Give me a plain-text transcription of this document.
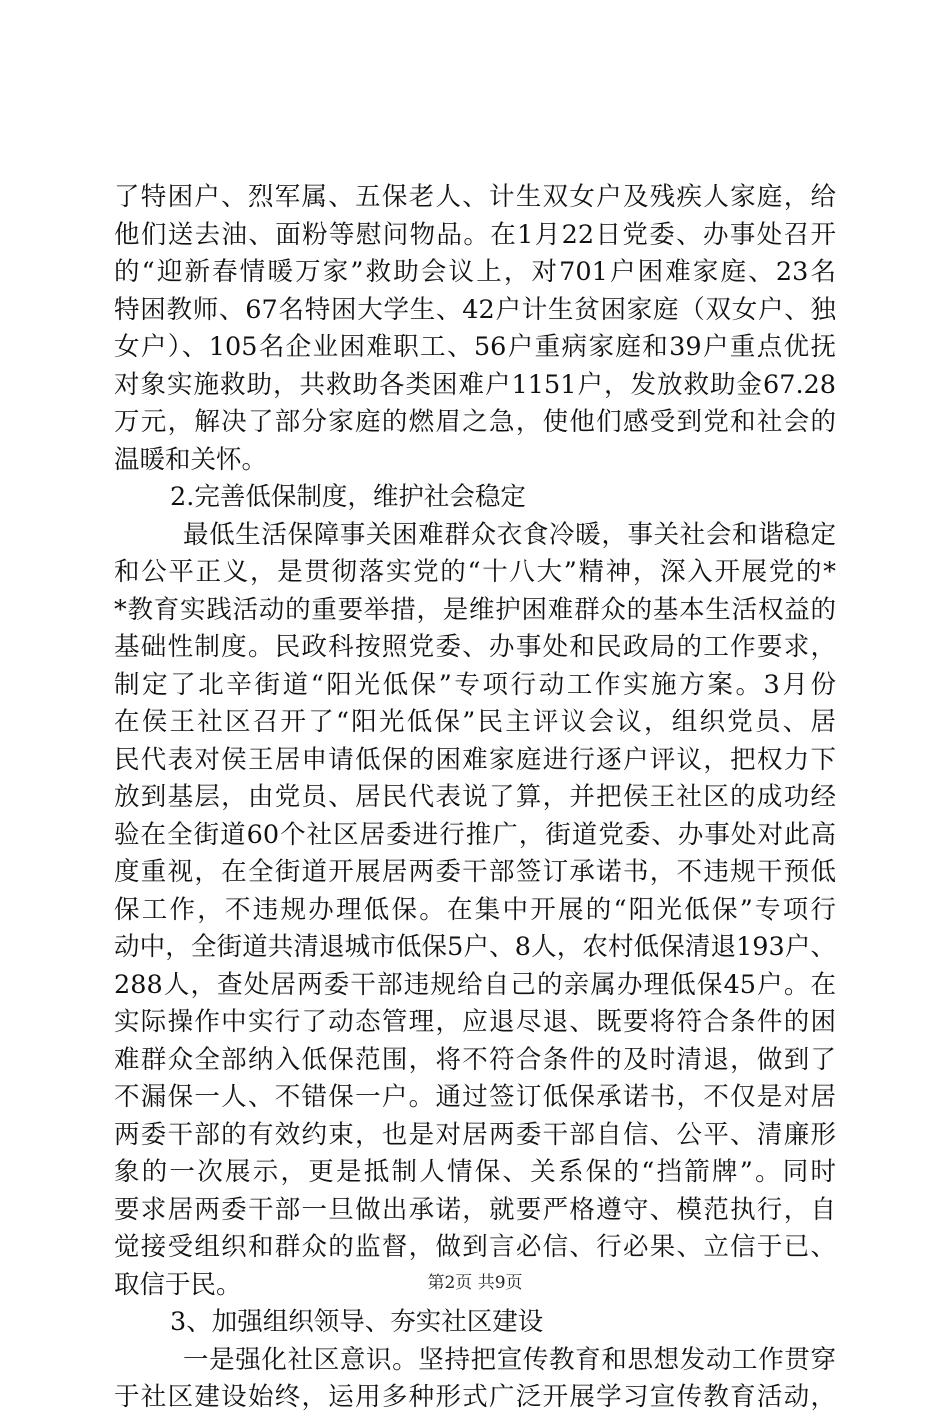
了特困户、烈军属、五保老人、计生双女户及残疾人家庭，给
他们送去油、面粉等慰问物品。在1月22日党委、办事处召开
的“迎新春情暖万家”救助会议上，对701户困难家庭、23名
特困教师、67名特困大学生、42户计生贫困家庭（双女户、独
女户）、105名企业困难职工、56户重病家庭和39户重点优抚
对象实施救助，共救助各类困难户1151户，发放救助金67.28
万元，解决了部分家庭的燃眉之急，使他们感受到党和社会的
温暖和关怀。
2.完善低保制度，维护社会稳定
最低生活保障事关困难群众衣食冷暖，事关社会和谐稳定
和公平正义，是贯彻落实党的“十八大”精神，深入开展党的*
*教育实践活动的重要举措，是维护困难群众的基本生活权益的
基础性制度。民政科按照党委、办事处和民政局的工作要求，
制定了北辛街道“阳光低保”专项行动工作实施方案。3月份
在侯王社区召开了“阳光低保”民主评议会议，组织党员、居
民代表对侯王居申请低保的困难家庭进行逐户评议，把权力下
放到基层，由党员、居民代表说了算，并把侯王社区的成功经
验在全街道60个社区居委进行推广，街道党委、办事处对此高
度重视，在全街道开展居两委干部签订承诺书，不违规干预低
保工作，不违规办理低保。在集中开展的“阳光低保”专项行
动中，全街道共清退城市低保5户、8人，农村低保清退193户、
288人，查处居两委干部违规给自己的亲属办理低保45户。在
实际操作中实行了动态管理，应退尽退、既要将符合条件的困
难群众全部纳入低保范围，将不符合条件的及时清退，做到了
不漏保一人、不错保一户。通过签订低保承诺书，不仅是对居
两委干部的有效约束，也是对居两委干部自信、公平、清廉形
象的一次展示，更是抵制人情保、关系保的“挡箭牌”。同时
要求居两委干部一旦做出承诺，就要严格遵守、模范执行，自
觉接受组织和群众的监督，做到言必信、行必果、立信于已、
取信于民。
3、加强组织领导、夯实社区建设
一是强化社区意识。坚持把宣传教育和思想发动工作贯穿
于社区建设始终，运用多种形式广泛开展学习宣传教育活动，
第2页 共9页
